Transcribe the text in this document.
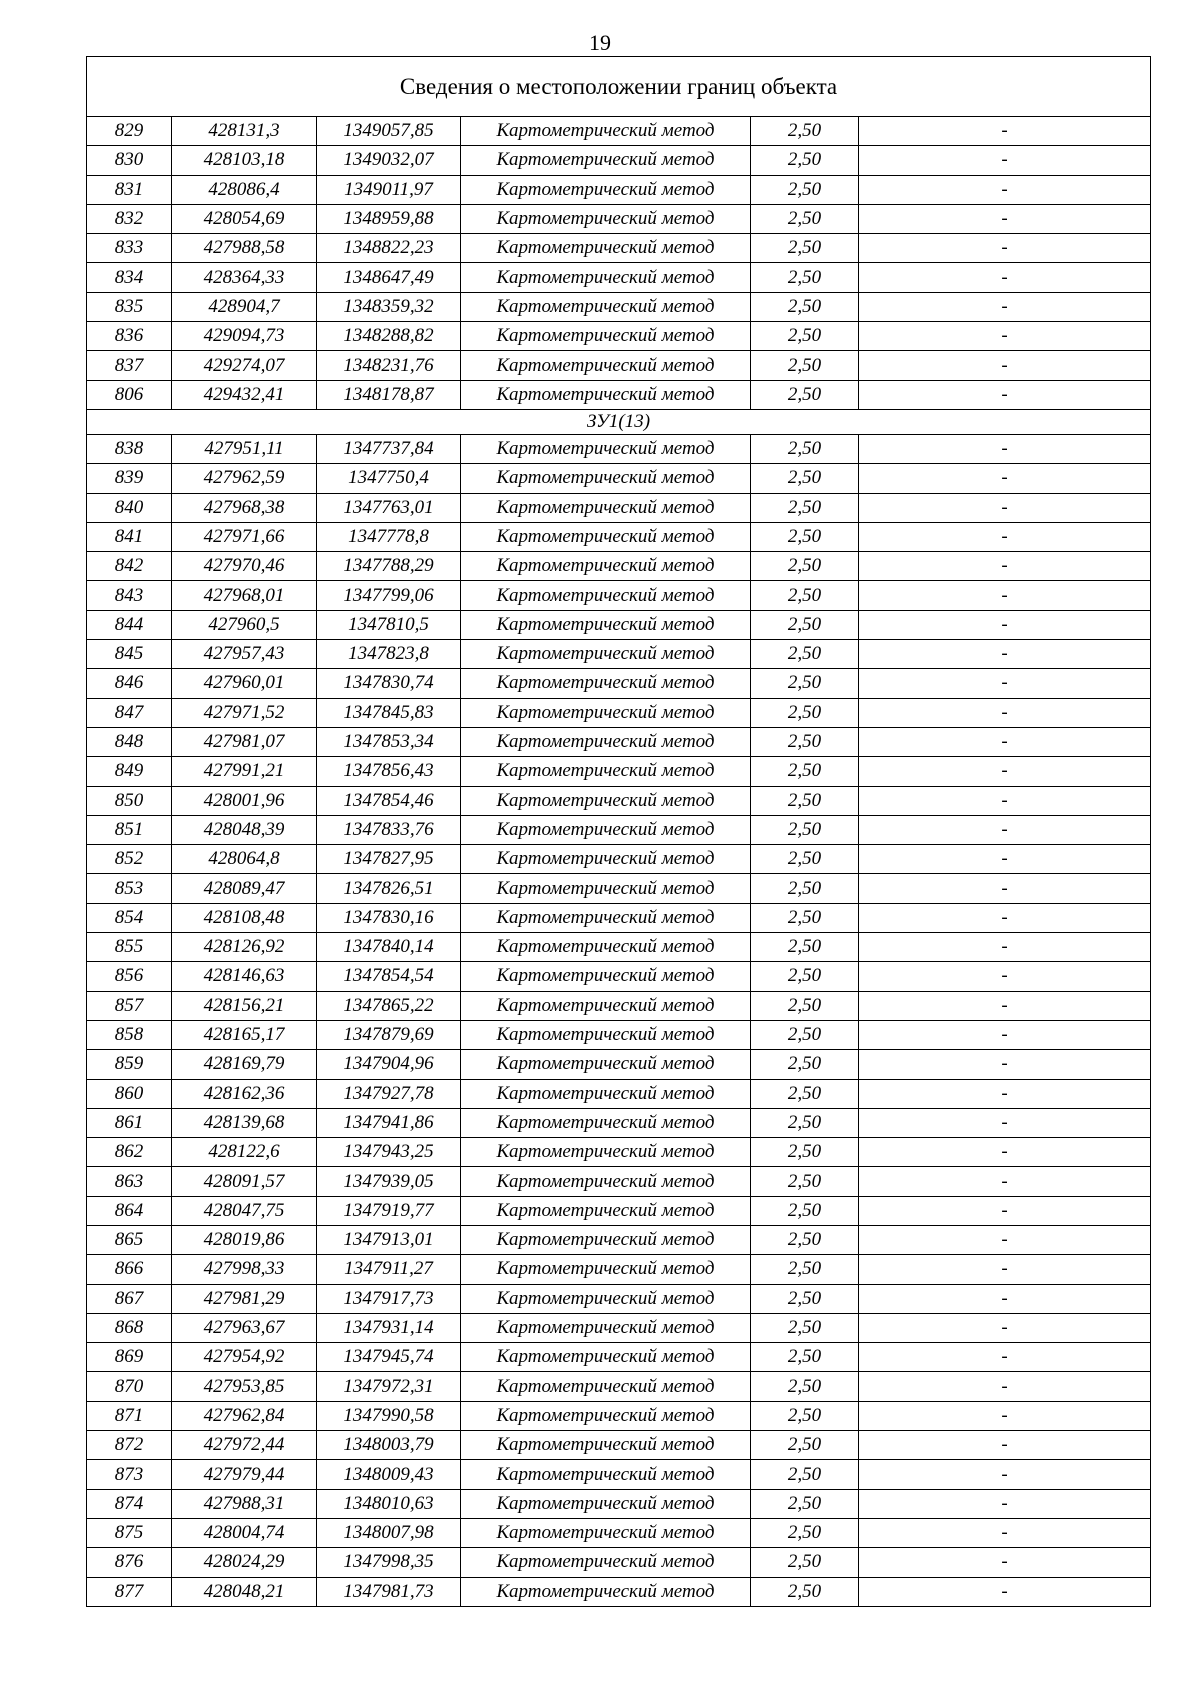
19
Сведения о местоположении границ объекта					
829	428131,3	1349057,85	Картометрический метод	2,50	-
830	428103,18	1349032,07	Картометрический метод	2,50	-
831	428086,4	1349011,97	Картометрический метод	2,50	-
832	428054,69	1348959,88	Картометрический метод	2,50	-
833	427988,58	1348822,23	Картометрический метод	2,50	-
834	428364,33	1348647,49	Картометрический метод	2,50	-
835	428904,7	1348359,32	Картометрический метод	2,50	-
836	429094,73	1348288,82	Картометрический метод	2,50	-
837	429274,07	1348231,76	Картометрический метод	2,50	-
806	429432,41	1348178,87	Картометрический метод	2,50	-
ЗУ1(13)					
838	427951,11	1347737,84	Картометрический метод	2,50	-
839	427962,59	1347750,4	Картометрический метод	2,50	-
840	427968,38	1347763,01	Картометрический метод	2,50	-
841	427971,66	1347778,8	Картометрический метод	2,50	-
842	427970,46	1347788,29	Картометрический метод	2,50	-
843	427968,01	1347799,06	Картометрический метод	2,50	-
844	427960,5	1347810,5	Картометрический метод	2,50	-
845	427957,43	1347823,8	Картометрический метод	2,50	-
846	427960,01	1347830,74	Картометрический метод	2,50	-
847	427971,52	1347845,83	Картометрический метод	2,50	-
848	427981,07	1347853,34	Картометрический метод	2,50	-
849	427991,21	1347856,43	Картометрический метод	2,50	-
850	428001,96	1347854,46	Картометрический метод	2,50	-
851	428048,39	1347833,76	Картометрический метод	2,50	-
852	428064,8	1347827,95	Картометрический метод	2,50	-
853	428089,47	1347826,51	Картометрический метод	2,50	-
854	428108,48	1347830,16	Картометрический метод	2,50	-
855	428126,92	1347840,14	Картометрический метод	2,50	-
856	428146,63	1347854,54	Картометрический метод	2,50	-
857	428156,21	1347865,22	Картометрический метод	2,50	-
858	428165,17	1347879,69	Картометрический метод	2,50	-
859	428169,79	1347904,96	Картометрический метод	2,50	-
860	428162,36	1347927,78	Картометрический метод	2,50	-
861	428139,68	1347941,86	Картометрический метод	2,50	-
862	428122,6	1347943,25	Картометрический метод	2,50	-
863	428091,57	1347939,05	Картометрический метод	2,50	-
864	428047,75	1347919,77	Картометрический метод	2,50	-
865	428019,86	1347913,01	Картометрический метод	2,50	-
866	427998,33	1347911,27	Картометрический метод	2,50	-
867	427981,29	1347917,73	Картометрический метод	2,50	-
868	427963,67	1347931,14	Картометрический метод	2,50	-
869	427954,92	1347945,74	Картометрический метод	2,50	-
870	427953,85	1347972,31	Картометрический метод	2,50	-
871	427962,84	1347990,58	Картометрический метод	2,50	-
872	427972,44	1348003,79	Картометрический метод	2,50	-
873	427979,44	1348009,43	Картометрический метод	2,50	-
874	427988,31	1348010,63	Картометрический метод	2,50	-
875	428004,74	1348007,98	Картометрический метод	2,50	-
876	428024,29	1347998,35	Картометрический метод	2,50	-
877	428048,21	1347981,73	Картометрический метод	2,50	-
